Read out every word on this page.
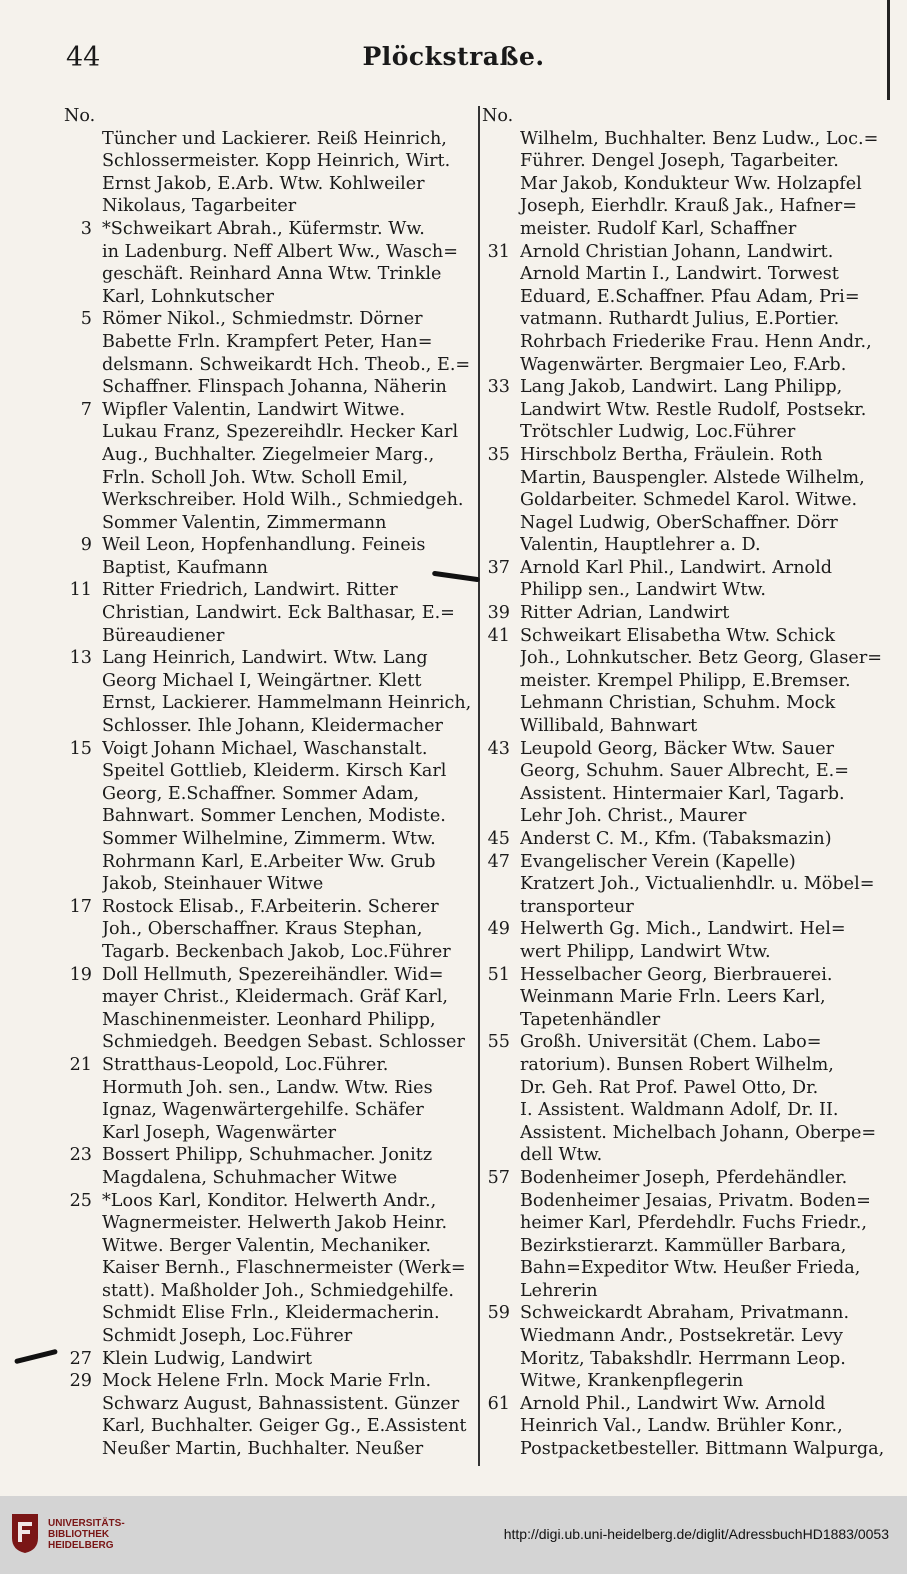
44	Plöckstraße.
No.
Tüncher und Lackierer. Reiß Heinrich,
Schlossermeister. Kopp Heinrich, Wirt.
Ernst Jakob, E.Arb. Wtw. Kohlweiler
Nikolaus, Tagarbeiter
3 *Schweikart Abrah., Küfermstr. Ww.
in Ladenburg. Neff Albert Ww., Wasch=
geschäft. Reinhard Anna Wtw. Trinkle
Karl, Lohnkutscher
5 Römer Nikol., Schmiedmstr. Dörner
Babette Frln. Krampfert Peter, Han=
delsmann. Schweikardt Hch. Theob., E.=
Schaffner. Flinspach Johanna, Näherin
7 Wipfler Valentin, Landwirt Witwe.
Lukau Franz, Spezereihdlr. Hecker Karl
Aug., Buchhalter. Ziegelmeier Marg.,
Frln. Scholl Joh. Wtw. Scholl Emil,
Werkschreiber. Hold Wilh., Schmiedgeh.
Sommer Valentin, Zimmermann
9 Weil Leon, Hopfenhandlung. Feineis
Baptist, Kaufmann
11 Ritter Friedrich, Landwirt. Ritter
Christian, Landwirt. Eck Balthasar, E.=
Büreaudiener
13 Lang Heinrich, Landwirt. Wtw. Lang
Georg Michael I, Weingärtner. Klett
Ernst, Lackierer. Hammelmann Heinrich,
Schlosser. Ihle Johann, Kleidermacher
15 Voigt Johann Michael, Waschanstalt.
Speitel Gottlieb, Kleiderm. Kirsch Karl
Georg, E.Schaffner. Sommer Adam,
Bahnwart. Sommer Lenchen, Modiste.
Sommer Wilhelmine, Zimmerm. Wtw.
Rohrmann Karl, E.Arbeiter Ww. Grub
Jakob, Steinhauer Witwe
17 Rostock Elisab., F.Arbeiterin. Scherer
Joh., Oberschaffner. Kraus Stephan,
Tagarb. Beckenbach Jakob, Loc.Führer
19 Doll Hellmuth, Spezereihändler. Wid=
mayer Christ., Kleidermach. Gräf Karl,
Maschinenmeister. Leonhard Philipp,
Schmiedgeh. Beedgen Sebast. Schlosser
21 Stratthaus-Leopold, Loc.Führer.
Hormuth Joh. sen., Landw. Wtw. Ries
Ignaz, Wagenwärtergehilfe. Schäfer
Karl Joseph, Wagenwärter
23 Bossert Philipp, Schuhmacher. Jonitz
Magdalena, Schuhmacher Witwe
25 *Loos Karl, Konditor. Helwerth Andr.,
Wagnermeister. Helwerth Jakob Heinr.
Witwe. Berger Valentin, Mechaniker.
Kaiser Bernh., Flaschnermeister (Werk=
statt). Maßholder Joh., Schmiedgehilfe.
Schmidt Elise Frln., Kleidermacherin.
Schmidt Joseph, Loc.Führer
27 Klein Ludwig, Landwirt
29 Mock Helene Frln. Mock Marie Frln.
Schwarz August, Bahnassistent. Günzer
Karl, Buchhalter. Geiger Gg., E.Assistent
Neußer Martin, Buchhalter. Neußer
No.
Wilhelm, Buchhalter. Benz Ludw., Loc.=
Führer. Dengel Joseph, Tagarbeiter.
Mar Jakob, Kondukteur Ww. Holzapfel
Joseph, Eierhdlr. Krauß Jak., Hafner=
meister. Rudolf Karl, Schaffner
31 Arnold Christian Johann, Landwirt.
Arnold Martin I., Landwirt. Torwest
Eduard, E.Schaffner. Pfau Adam, Pri=
vatmann. Ruthardt Julius, E.Portier.
Rohrbach Friederike Frau. Henn Andr.,
Wagenwärter. Bergmaier Leo, F.Arb.
33 Lang Jakob, Landwirt. Lang Philipp,
Landwirt Wtw. Restle Rudolf, Postsekr.
Trötschler Ludwig, Loc.Führer
35 Hirschbolz Bertha, Fräulein. Roth
Martin, Bauspengler. Alstede Wilhelm,
Goldarbeiter. Schmedel Karol. Witwe.
Nagel Ludwig, OberSchaffner. Dörr
Valentin, Hauptlehrer a. D.
37 Arnold Karl Phil., Landwirt. Arnold
Philipp sen., Landwirt Wtw.
39 Ritter Adrian, Landwirt
41 Schweikart Elisabetha Wtw. Schick
Joh., Lohnkutscher. Betz Georg, Glaser=
meister. Krempel Philipp, E.Bremser.
Lehmann Christian, Schuhm. Mock
Willibald, Bahnwart
43 Leupold Georg, Bäcker Wtw. Sauer
Georg, Schuhm. Sauer Albrecht, E.=
Assistent. Hintermaier Karl, Tagarb.
Lehr Joh. Christ., Maurer
45 Anderst C. M., Kfm. (Tabaksmazin)
47 Evangelischer Verein (Kapelle)
Kratzert Joh., Victualienhdlr. u. Möbel=
transporteur
49 Helwerth Gg. Mich., Landwirt. Hel=
wert Philipp, Landwirt Wtw.
51 Hesselbacher Georg, Bierbrauerei.
Weinmann Marie Frln. Leers Karl,
Tapetenhändler
55 Großh. Universität (Chem. Labo=
ratorium). Bunsen Robert Wilhelm,
Dr. Geh. Rat Prof. Pawel Otto, Dr.
I. Assistent. Waldmann Adolf, Dr. II.
Assistent. Michelbach Johann, Oberpe=
dell Wtw.
57 Bodenheimer Joseph, Pferdehändler.
Bodenheimer Jesaias, Privatm. Boden=
heimer Karl, Pferdehdlr. Fuchs Friedr.,
Bezirkstierarzt. Kammüller Barbara,
Bahn=Expeditor Wtw. Heußer Frieda,
Lehrerin
59 Schweickardt Abraham, Privatmann.
Wiedmann Andr., Postsekretär. Levy
Moritz, Tabakshdlr. Herrmann Leop.
Witwe, Krankenpflegerin
61 Arnold Phil., Landwirt Ww. Arnold
Heinrich Val., Landw. Brühler Konr.,
Postpacketbesteller. Bittmann Walpurga,
UNIVERSITÄTS-
BIBLIOTHEK
HEIDELBERG
http://digi.ub.uni-heidelberg.de/diglit/AdressbuchHD1883/0053
